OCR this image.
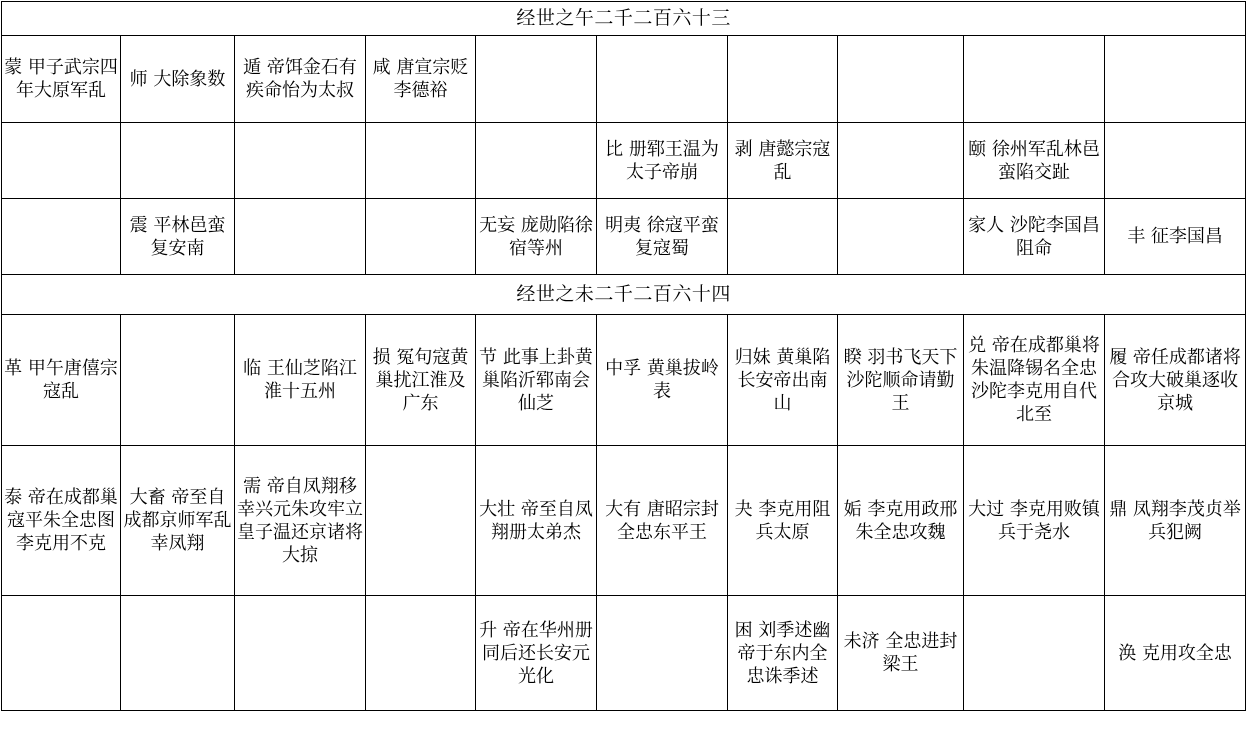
经世之午二千二百六十三									
蒙 甲子武宗四年大原军乱	师 大除象数	遁 帝饵金石有疾命怡为太叔	咸 唐宣宗贬李德裕						
					比 册郓王温为太子帝崩	剥 唐懿宗寇乱		颐 徐州军乱林邑蛮陷交趾	
	震 平林邑蛮复安南			无妄 庞勋陷徐宿等州	明夷 徐寇平蛮复寇蜀			家人 沙陀李国昌阻命	丰 征李国昌
经世之未二千二百六十四									
革 甲午唐僖宗寇乱		临 王仙芝陷江淮十五州	损 冤句寇黄巢扰江淮及广东	节 此事上卦黄巢陷沂郓南会仙芝	中孚 黄巢拔岭表	归妹 黄巢陷长安帝出南山	睽 羽书飞天下沙陀顺命请勤王	兑 帝在成都巢将朱温降锡名全忠沙陀李克用自代北至	履 帝任成都诸将合攻大破巢逐收京城
泰 帝在成都巢寇平朱全忠图李克用不克	大畜 帝至自成都京师军乱幸凤翔	需 帝自凤翔移幸兴元朱攻牢立皇子温还京诸将大掠		大壮 帝至自凤翔册太弟杰	大有 唐昭宗封全忠东平王	夬 李克用阻兵太原	姤 李克用政邢朱全忠攻魏	大过 李克用败镇兵于尧水	鼎 凤翔李茂贞举兵犯阙
				升 帝在华州册同后还长安元光化		困 刘季述幽帝于东内全忠诛季述	未济 全忠进封梁王		涣 克用攻全忠
